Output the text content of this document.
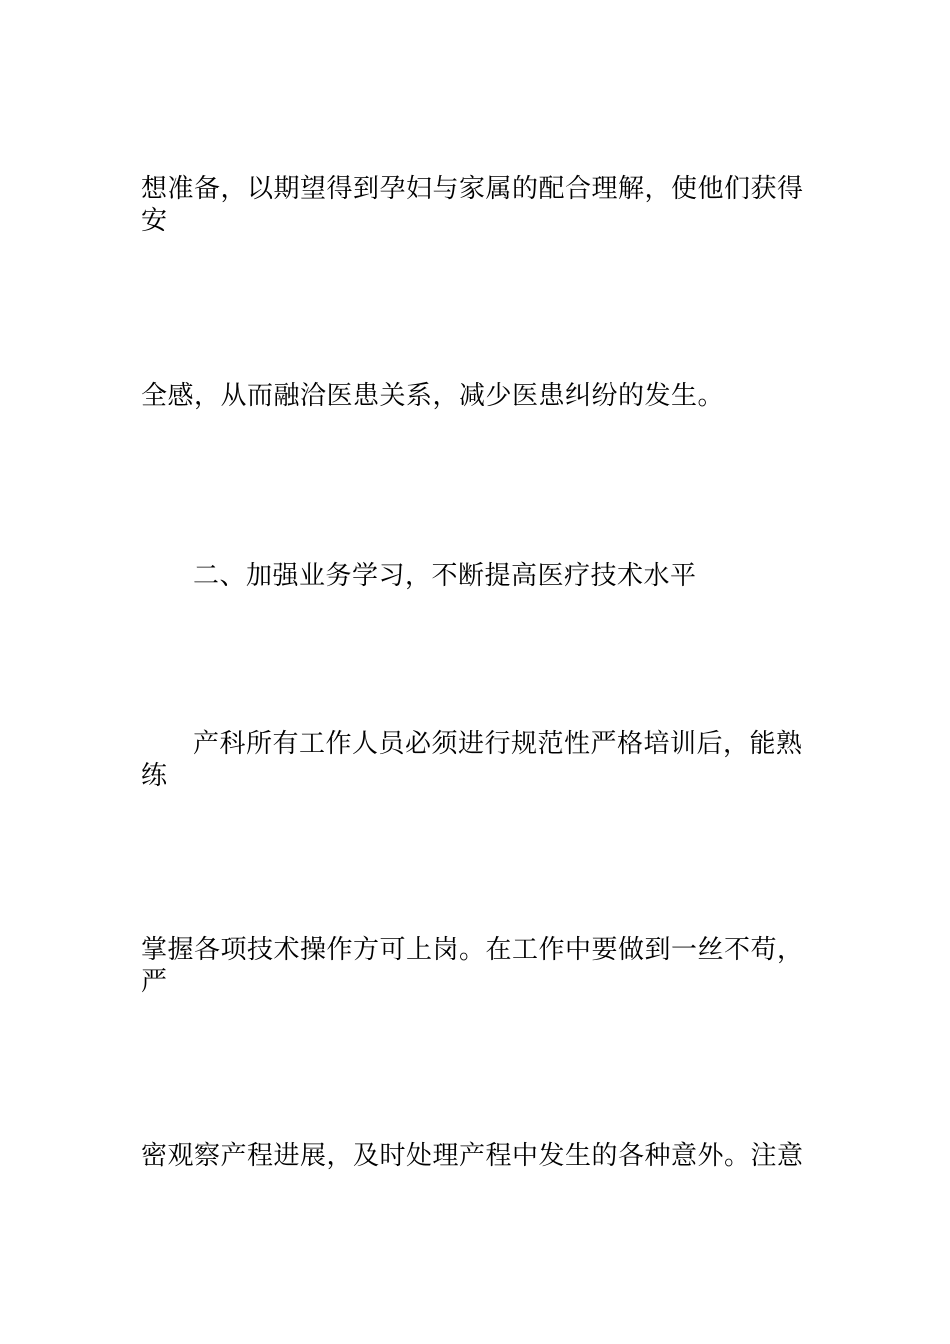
想准备，以期望得到孕妇与家属的配合理解，使他们获得
安
全感，从而融洽医患关系，减少医患纠纷的发生。
二、加强业务学习，不断提高医疗技术水平
产科所有工作人员必须进行规范性严格培训后，能熟
练
掌握各项技术操作方可上岗。在工作中要做到一丝不苟，
严
密观察产程进展，及时处理产程中发生的各种意外。注意
